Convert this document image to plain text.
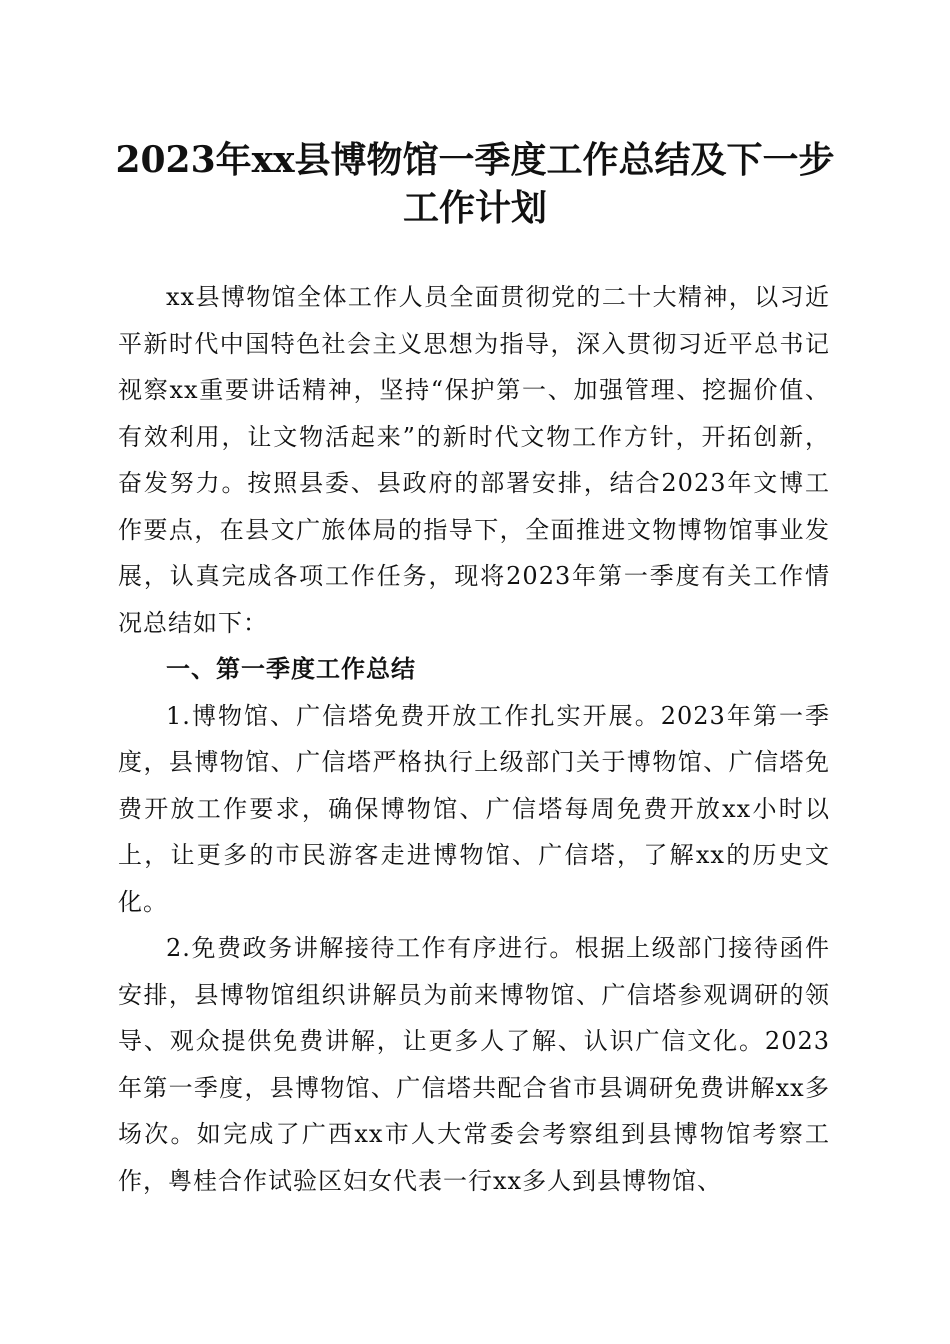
2023年xx县博物馆一季度工作总结及下一步
工作计划

xx县博物馆全体工作人员全面贯彻党的二十大精神，以习近平新时代中国特色社会主义思想为指导，深入贯彻习近平总书记视察xx重要讲话精神，坚持“保护第一、加强管理、挖掘价值、有效利用，让文物活起来”的新时代文物工作方针，开拓创新，奋发努力。按照县委、县政府的部署安排，结合2023年文博工作要点，在县文广旅体局的指导下，全面推进文物博物馆事业发展，认真完成各项工作任务，现将2023年第一季度有关工作情况总结如下：

一、第一季度工作总结

1.博物馆、广信塔免费开放工作扎实开展。2023年第一季度，县博物馆、广信塔严格执行上级部门关于博物馆、广信塔免费开放工作要求，确保博物馆、广信塔每周免费开放xx小时以上，让更多的市民游客走进博物馆、广信塔，了解xx的历史文化。

2.免费政务讲解接待工作有序进行。根据上级部门接待函件安排，县博物馆组织讲解员为前来博物馆、广信塔参观调研的领导、观众提供免费讲解，让更多人了解、认识广信文化。2023年第一季度，县博物馆、广信塔共配合省市县调研免费讲解xx多场次。如完成了广西xx市人大常委会考察组到县博物馆考察工作，粤桂合作试验区妇女代表一行xx多人到县博物馆、
